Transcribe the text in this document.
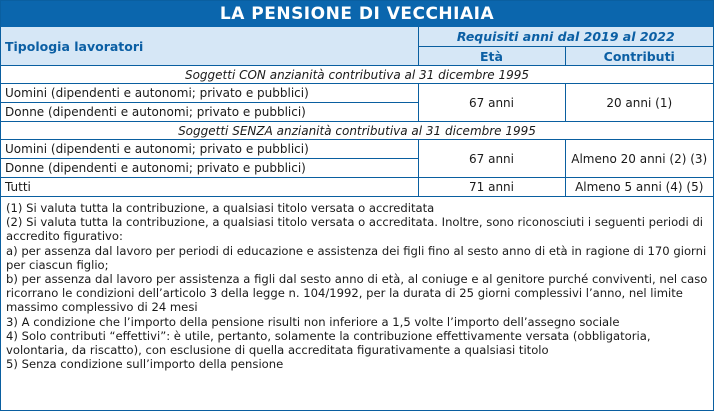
LA PENSIONE DI VECCHIAIA
Tipologia lavoratori	Requisiti anni dal 2019 al 2022	
	Età	Contributi
Soggetti CON anzianità contributiva al 31 dicembre 1995		
Uomini (dipendenti e autonomi; privato e pubblici)	67 anni	20 anni (1)
Donne (dipendenti e autonomi; privato e pubblici)		
Soggetti SENZA anzianità contributiva al 31 dicembre 1995		
Uomini (dipendenti e autonomi; privato e pubblici)	67 anni	Almeno 20 anni (2) (3)
Donne (dipendenti e autonomi; privato e pubblici)		
Tutti	71 anni	Almeno 5 anni (4) (5)

(1) Si valuta tutta la contribuzione, a qualsiasi titolo versata o accreditata

(2) Si valuta tutta la contribuzione, a qualsiasi titolo versata o accreditata. Inoltre, sono riconosciuti i seguenti periodi di accredito figurativo:

a) per assenza dal lavoro per periodi di educazione e assistenza dei figli fino al sesto anno di età in ragione di 170 giorni per ciascun figlio;

b) per assenza dal lavoro per assistenza a figli dal sesto anno di età, al coniuge e al genitore purché conviventi, nel caso ricorrano le condizioni dell’articolo 3 della legge n. 104/1992, per la durata di 25 giorni complessivi l’anno, nel limite massimo complessivo di 24 mesi

3) A condizione che l’importo della pensione risulti non inferiore a 1,5 volte l’importo dell’assegno sociale

4) Solo contributi “effettivi”: è utile, pertanto, solamente la contribuzione effettivamente versata (obbligatoria, volontaria, da riscatto), con esclusione di quella accreditata figurativamente a qualsiasi titolo

5) Senza condizione sull’importo della pensione
